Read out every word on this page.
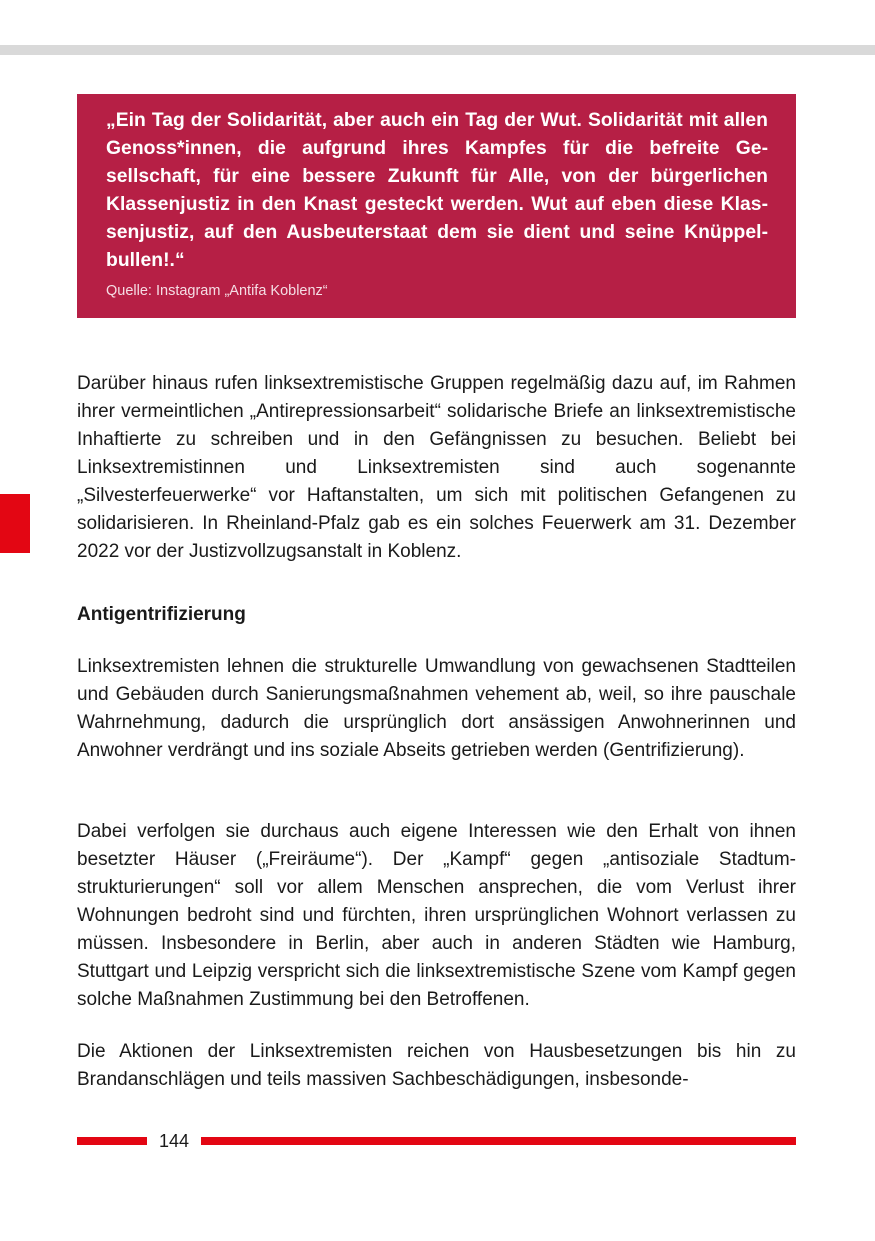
„Ein Tag der Solidarität, aber auch ein Tag der Wut. Solidarität mit allen Genoss*innen, die aufgrund ihres Kampfes für die befreite Gesellschaft, für eine bessere Zukunft für Alle, von der bürgerlichen Klassenjustiz in den Knast gesteckt werden. Wut auf eben diese Klassenjustiz, auf den Ausbeuterstaat dem sie dient und seine Knüppelbullen!.“

Quelle: Instagram „Antifa Koblenz“

Darüber hinaus rufen linksextremistische Gruppen regelmäßig dazu auf, im Rahmen ihrer vermeintlichen „Antirepressionsarbeit“ solidarische Briefe an linksextremistische Inhaftierte zu schreiben und in den Gefängnissen zu besuchen. Beliebt bei Linksextremistinnen und Linksextremisten sind auch sogenannte „Silvesterfeuerwerke“ vor Haftanstalten, um sich mit politischen Gefangenen zu solidarisieren. In Rheinland-Pfalz gab es ein solches Feuerwerk am 31. Dezember 2022 vor der Justizvollzugsanstalt in Koblenz.

Antigentrifizierung

Linksextremisten lehnen die strukturelle Umwandlung von gewachsenen Stadtteilen und Gebäuden durch Sanierungsmaßnahmen vehement ab, weil, so ihre pauschale Wahrnehmung, dadurch die ursprünglich dort ansässigen Anwohnerinnen und Anwohner verdrängt und ins soziale Abseits getrieben werden (Gentrifizierung).

Dabei verfolgen sie durchaus auch eigene Interessen wie den Erhalt von ihnen besetzter Häuser („Freiräume“). Der „Kampf“ gegen „antisoziale Stadtumstrukturierungen“ soll vor allem Menschen ansprechen, die vom Verlust ihrer Wohnungen bedroht sind und fürchten, ihren ursprünglichen Wohnort verlassen zu müssen. Insbesondere in Berlin, aber auch in anderen Städten wie Hamburg, Stuttgart und Leipzig verspricht sich die linksextremistische Szene vom Kampf gegen solche Maßnahmen Zustimmung bei den Betroffenen.

Die Aktionen der Linksextremisten reichen von Hausbesetzungen bis hin zu Brandanschlägen und teils massiven Sachbeschädigungen, insbesonde-

144
